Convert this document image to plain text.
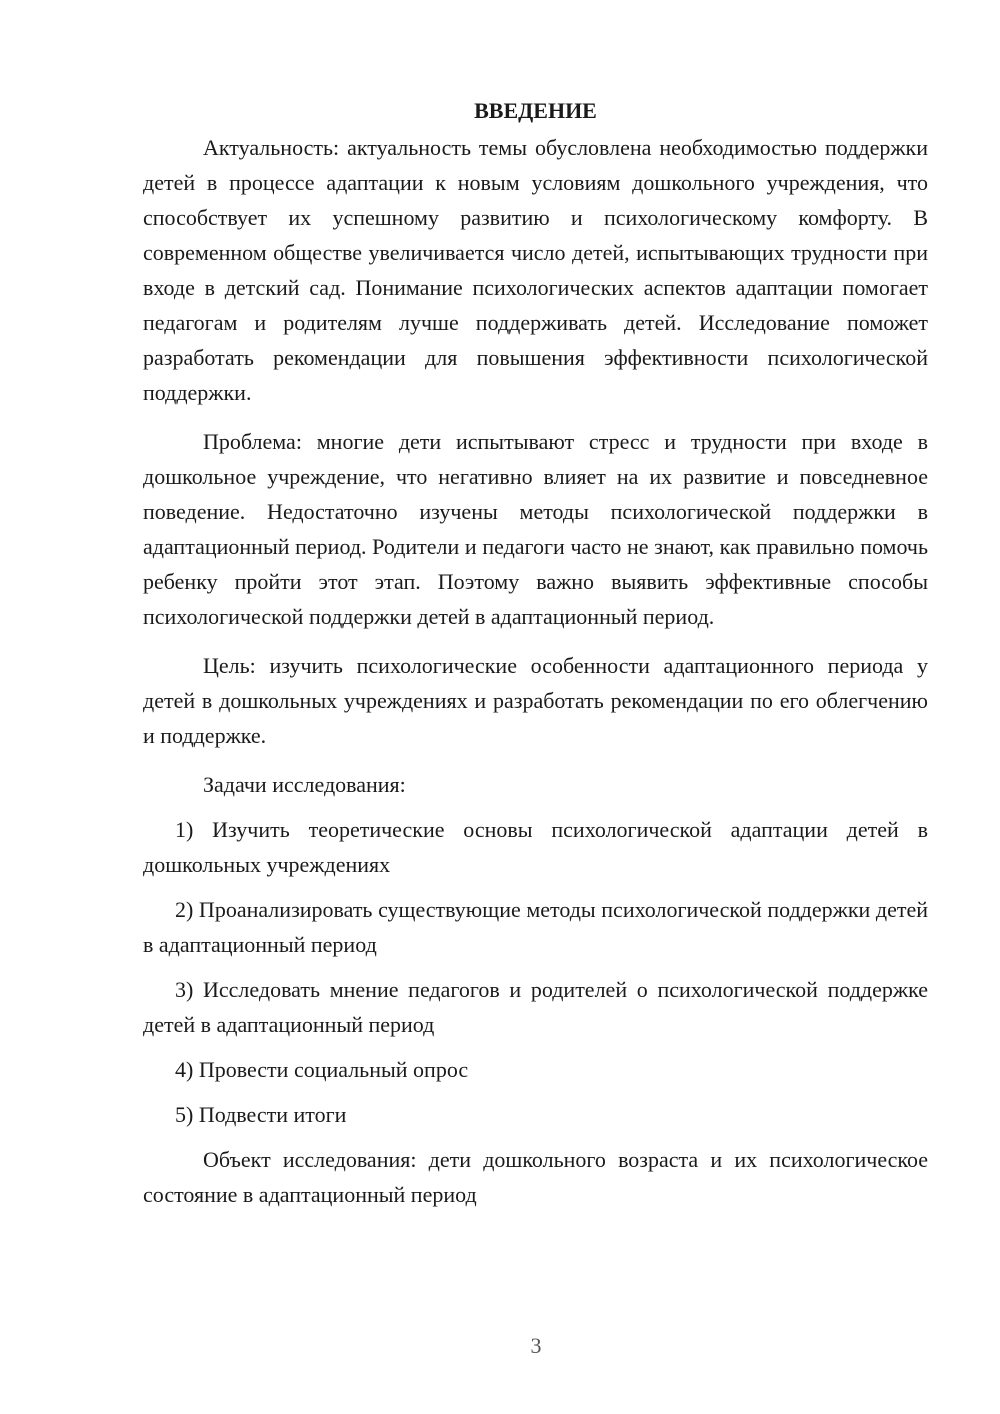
ВВЕДЕНИЕ

Актуальность: актуальность темы обусловлена необходимостью поддержки детей в процессе адаптации к новым условиям дошкольного учреждения, что способствует их успешному развитию и психологическому комфорту. В современном обществе увеличивается число детей, испытывающих трудности при входе в детский сад. Понимание психологических аспектов адаптации помогает педагогам и родителям лучше поддерживать детей. Исследование поможет разработать рекомендации для повышения эффективности психологической поддержки.

Проблема: многие дети испытывают стресс и трудности при входе в дошкольное учреждение, что негативно влияет на их развитие и повседневное поведение. Недостаточно изучены методы психологической поддержки в адаптационный период. Родители и педагоги часто не знают, как правильно помочь ребенку пройти этот этап. Поэтому важно выявить эффективные способы психологической поддержки детей в адаптационный период.

Цель: изучить психологические особенности адаптационного периода у детей в дошкольных учреждениях и разработать рекомендации по его облегчению и поддержке.

Задачи исследования:

1) Изучить теоретические основы психологической адаптации детей в дошкольных учреждениях

2) Проанализировать существующие методы психологической поддержки детей в адаптационный период

3) Исследовать мнение педагогов и родителей о психологической поддержке детей в адаптационный период

4) Провести социальный опрос

5) Подвести итоги

Объект исследования: дети дошкольного возраста и их психологическое состояние в адаптационный период

3
